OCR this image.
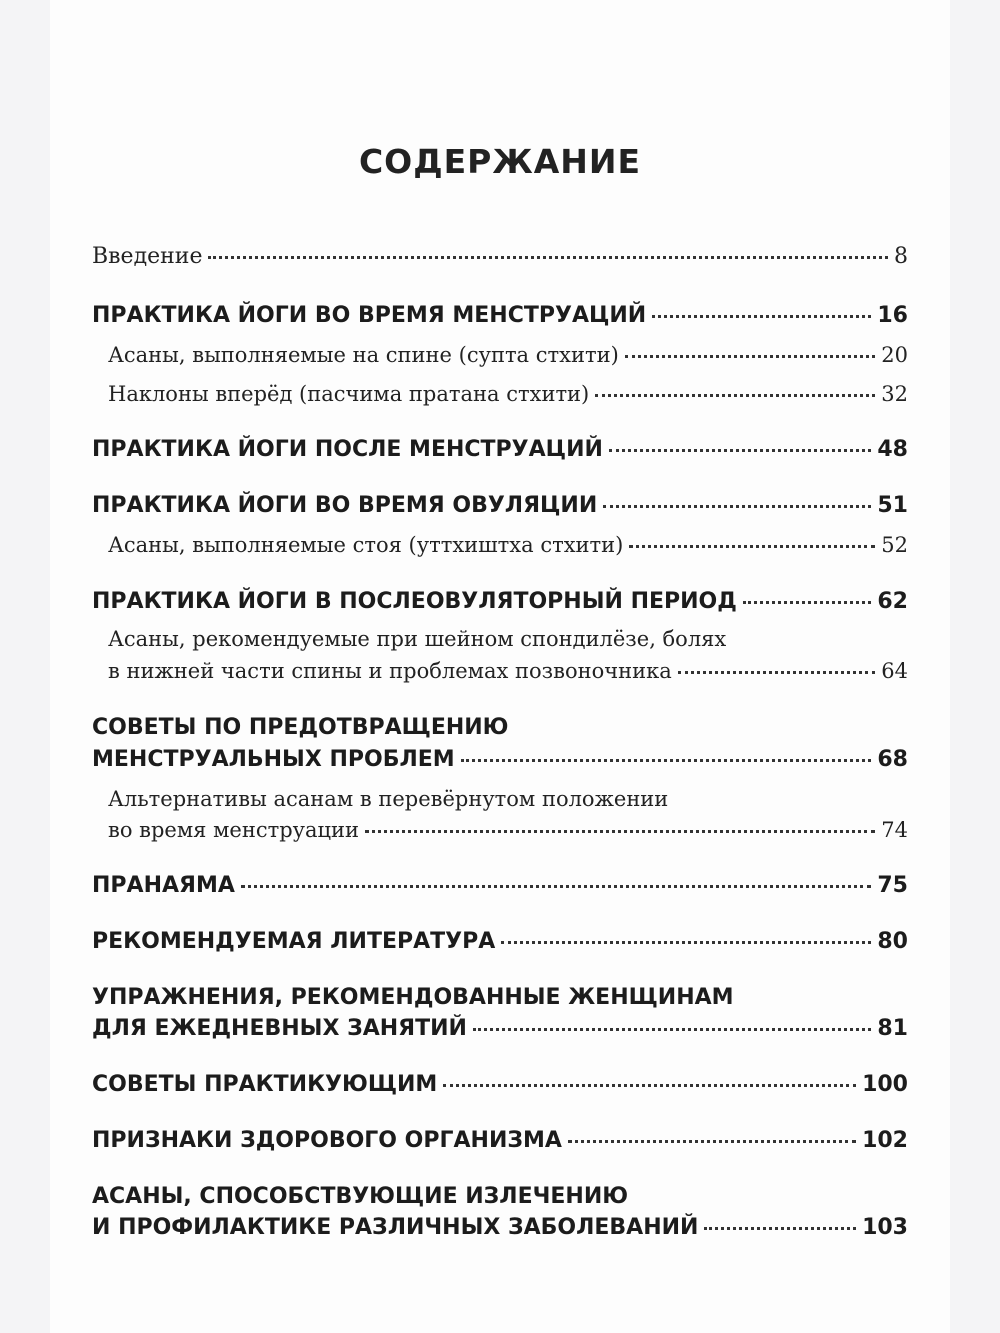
СОДЕРЖАНИЕ
Введение	8
ПРАКТИКА ЙОГИ ВО ВРЕМЯ МЕНСТРУАЦИЙ	16
Асаны, выполняемые на спине (супта стхити)	20
Наклоны вперёд (пасчима пратана стхити)	32
ПРАКТИКА ЙОГИ ПОСЛЕ МЕНСТРУАЦИЙ	48
ПРАКТИКА ЙОГИ ВО ВРЕМЯ ОВУЛЯЦИИ	51
Асаны, выполняемые стоя (уттхиштха стхити)	52
ПРАКТИКА ЙОГИ В ПОСЛЕОВУЛЯТОРНЫЙ ПЕРИОД	62
Асаны, рекомендуемые при шейном спондилёзе, болях
в нижней части спины и проблемах позвоночника	64
СОВЕТЫ ПО ПРЕДОТВРАЩЕНИЮ
МЕНСТРУАЛЬНЫХ ПРОБЛЕМ	68
Альтернативы асанам в перевёрнутом положении
во время менструации	74
ПРАНАЯМА	75
РЕКОМЕНДУЕМАЯ ЛИТЕРАТУРА	80
УПРАЖНЕНИЯ, РЕКОМЕНДОВАННЫЕ ЖЕНЩИНАМ
ДЛЯ ЕЖЕДНЕВНЫХ ЗАНЯТИЙ	81
СОВЕТЫ ПРАКТИКУЮЩИМ	100
ПРИЗНАКИ ЗДОРОВОГО ОРГАНИЗМА	102
АСАНЫ, СПОСОБСТВУЮЩИЕ ИЗЛЕЧЕНИЮ
И ПРОФИЛАКТИКЕ РАЗЛИЧНЫХ ЗАБОЛЕВАНИЙ	103
